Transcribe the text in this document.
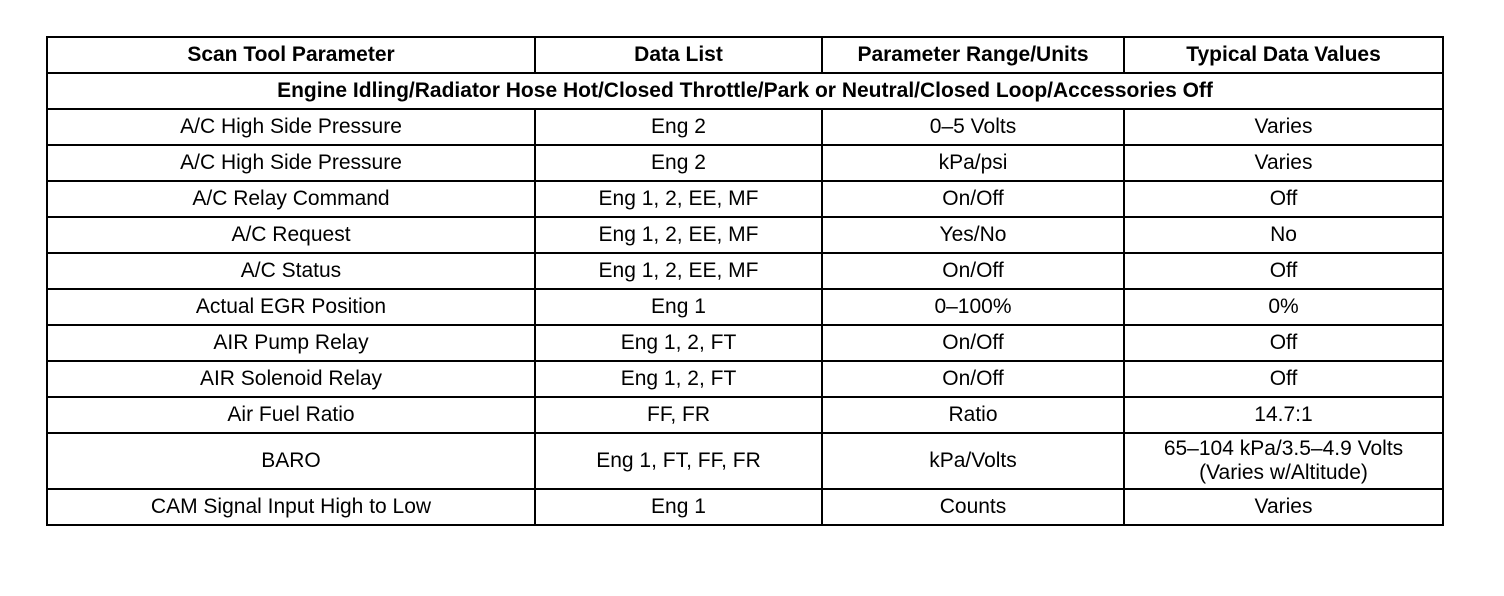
Scan Tool Parameter	Data List	Parameter Range/Units	Typical Data Values
Engine Idling/Radiator Hose Hot/Closed Throttle/Park or Neutral/Closed Loop/Accessories Off			
A/C High Side Pressure	Eng 2	0–5 Volts	Varies

A/C High Side Pressure	Eng 2	kPa/psi	Varies

A/C Relay Command	Eng 1, 2, EE, MF	On/Off	Off

A/C Request	Eng 1, 2, EE, MF	Yes/No	No

A/C Status	Eng 1, 2, EE, MF	On/Off	Off

Actual EGR Position	Eng 1	0–100%	0%

AIR Pump Relay	Eng 1, 2, FT	On/Off	Off

AIR Solenoid Relay	Eng 1, 2, FT	On/Off	Off

Air Fuel Ratio	FF, FR	Ratio	14.7:1

BARO	Eng 1, FT, FF, FR	kPa/Volts	65–104 kPa/3.5–4.9 Volts
(Varies w/Altitude)

CAM Signal Input High to Low	Eng 1	Counts	Varies
